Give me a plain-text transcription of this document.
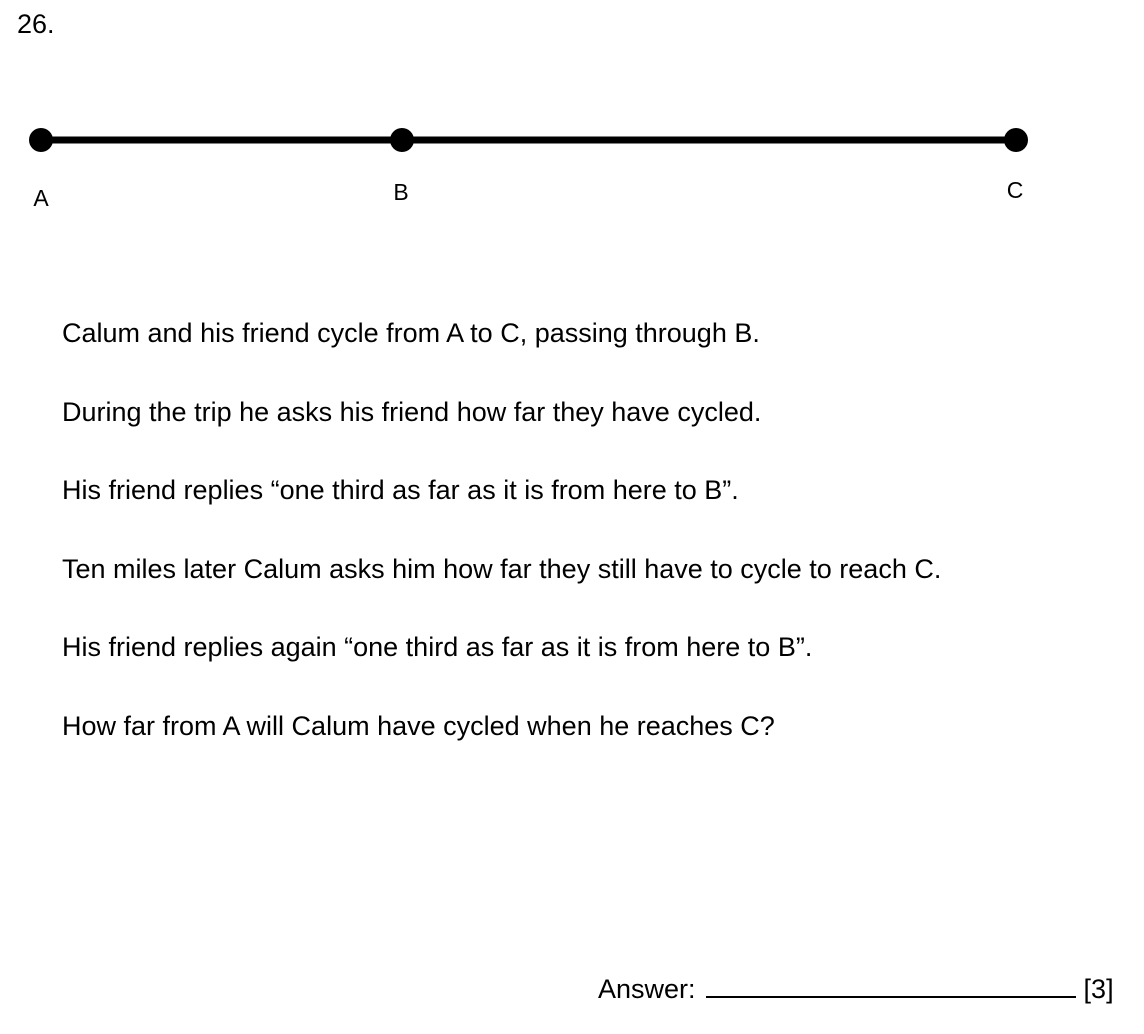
26.
A	B	C

Calum and his friend cycle from A to C, passing through B.

During the trip he asks his friend how far they have cycled.

His friend replies “one third as far as it is from here to B”.

Ten miles later Calum asks him how far they still have to cycle to reach C.

His friend replies again “one third as far as it is from here to B”.

How far from A will Calum have cycled when he reaches C?

Answer:	[3]
